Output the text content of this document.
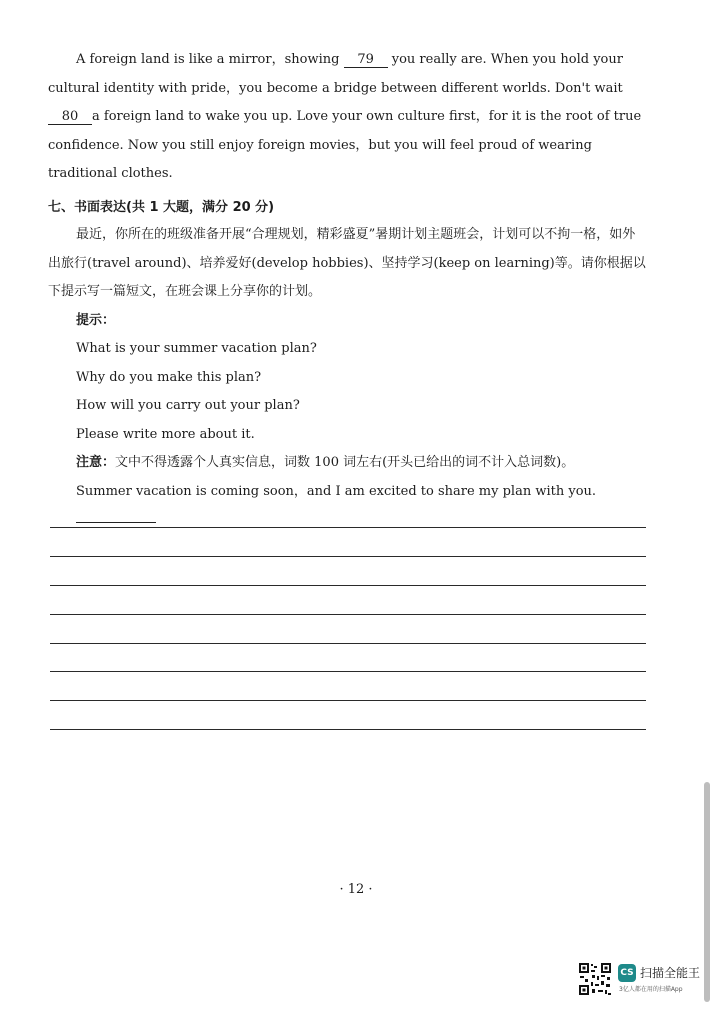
A foreign land is like a mirror，showing 79 you really are. When you hold your cultural identity with pride，you become a bridge between different worlds. Don't wait 80 a foreign land to wake you up. Love your own culture first，for it is the root of true confidence. Now you still enjoy foreign movies，but you will feel proud of wearing traditional clothes.

七、书面表达(共 1 大题，满分 20 分)

最近，你所在的班级准备开展“合理规划，精彩盛夏”暑期计划主题班会，计划可以不拘一格，如外出旅行(travel around)、培养爱好(develop hobbies)、坚持学习(keep on learning)等。请你根据以下提示写一篇短文，在班会课上分享你的计划。

提示：

What is your summer vacation plan?

Why do you make this plan?

How will you carry out your plan?

Please write more about it.

注意：文中不得透露个人真实信息，词数 100 词左右(开头已给出的词不计入总词数)。

Summer vacation is coming soon，and I am excited to share my plan with you.

· 12 ·
CS 扫描全能王
3亿人都在用的扫描App
